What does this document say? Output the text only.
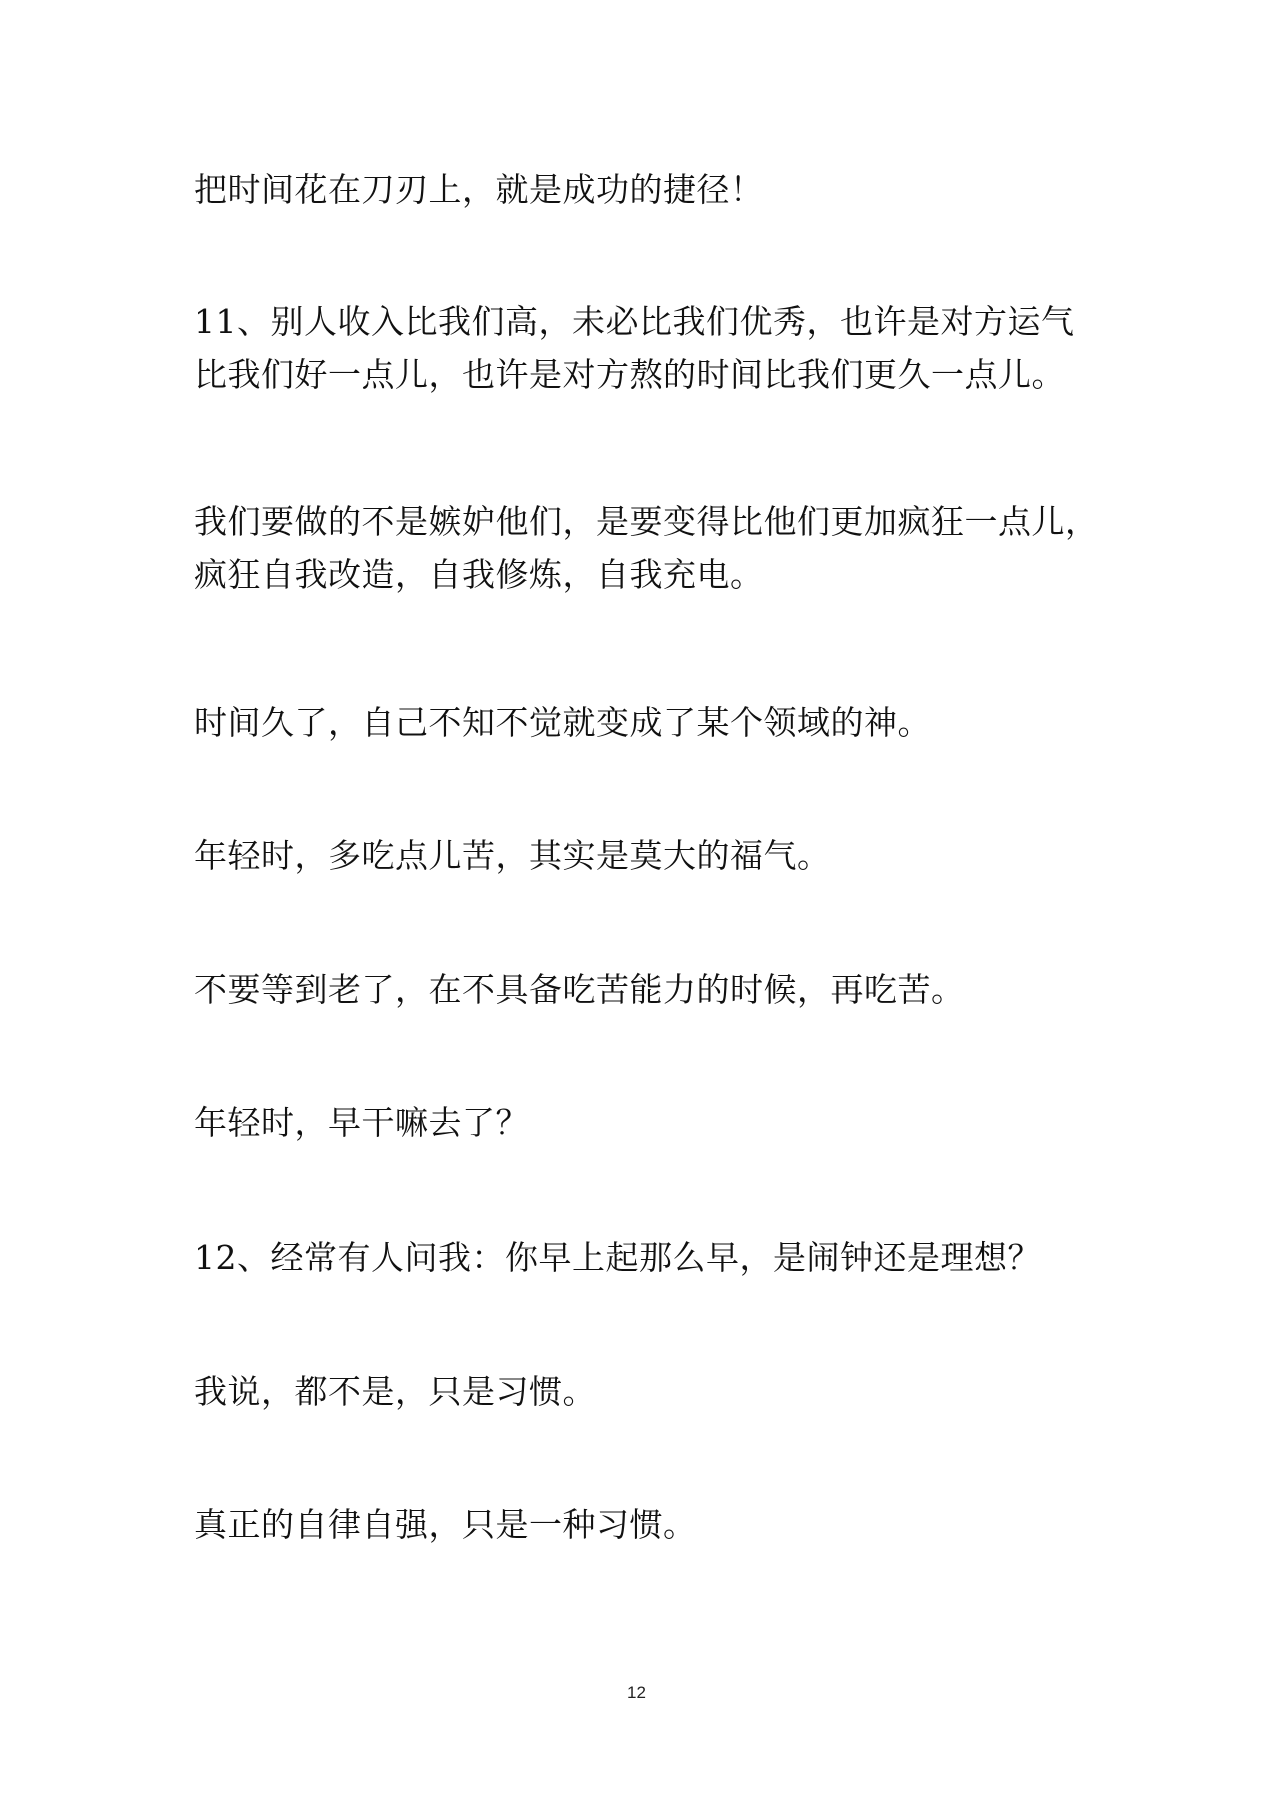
把时间花在刀刃上，就是成功的捷径！

11、别人收入比我们高，未必比我们优秀，也许是对方运气
比我们好一点儿，也许是对方熬的时间比我们更久一点儿。

我们要做的不是嫉妒他们，是要变得比他们更加疯狂一点儿，
疯狂自我改造，自我修炼，自我充电。

时间久了，自己不知不觉就变成了某个领域的神。

年轻时，多吃点儿苦，其实是莫大的福气。

不要等到老了，在不具备吃苦能力的时候，再吃苦。

年轻时，早干嘛去了？

12、经常有人问我：你早上起那么早，是闹钟还是理想？

我说，都不是，只是习惯。

真正的自律自强，只是一种习惯。

12
